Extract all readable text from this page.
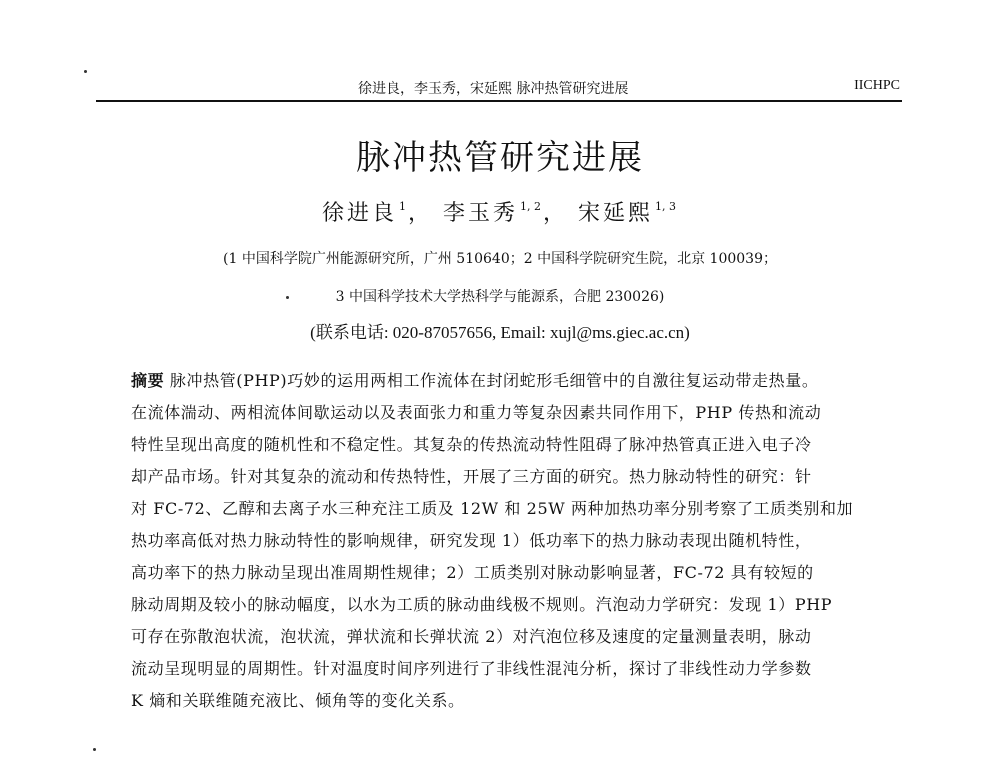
徐进良，李玉秀，宋延熙 脉冲热管研究进展	IICHPC
脉冲热管研究进展
徐进良 $^1$， 李玉秀 $^{1, 2}$， 宋延熙 $^{1, 3}$
(1 中国科学院广州能源研究所，广州 510640；2 中国科学院研究生院，北京 100039；
3 中国科学技术大学热科学与能源系，合肥 230026)
(联系电话: 020-87057656, Email: xujl@ms.giec.ac.cn)
摘要 脉冲热管(PHP)巧妙的运用两相工作流体在封闭蛇形毛细管中的自激往复运动带走热量。
在流体湍动、两相流体间歇运动以及表面张力和重力等复杂因素共同作用下，PHP 传热和流动
特性呈现出高度的随机性和不稳定性。其复杂的传热流动特性阻碍了脉冲热管真正进入电子冷
却产品市场。针对其复杂的流动和传热特性，开展了三方面的研究。热力脉动特性的研究：针
对 FC-72、乙醇和去离子水三种充注工质及 12W 和 25W 两种加热功率分别考察了工质类别和加
热功率高低对热力脉动特性的影响规律，研究发现 1）低功率下的热力脉动表现出随机特性，
高功率下的热力脉动呈现出准周期性规律；2）工质类别对脉动影响显著，FC-72 具有较短的
脉动周期及较小的脉动幅度，以水为工质的脉动曲线极不规则。汽泡动力学研究：发现 1）PHP
可存在弥散泡状流，泡状流，弹状流和长弹状流 2）对汽泡位移及速度的定量测量表明，脉动
流动呈现明显的周期性。针对温度时间序列进行了非线性混沌分析，探讨了非线性动力学参数
K 熵和关联维随充液比、倾角等的变化关系。
